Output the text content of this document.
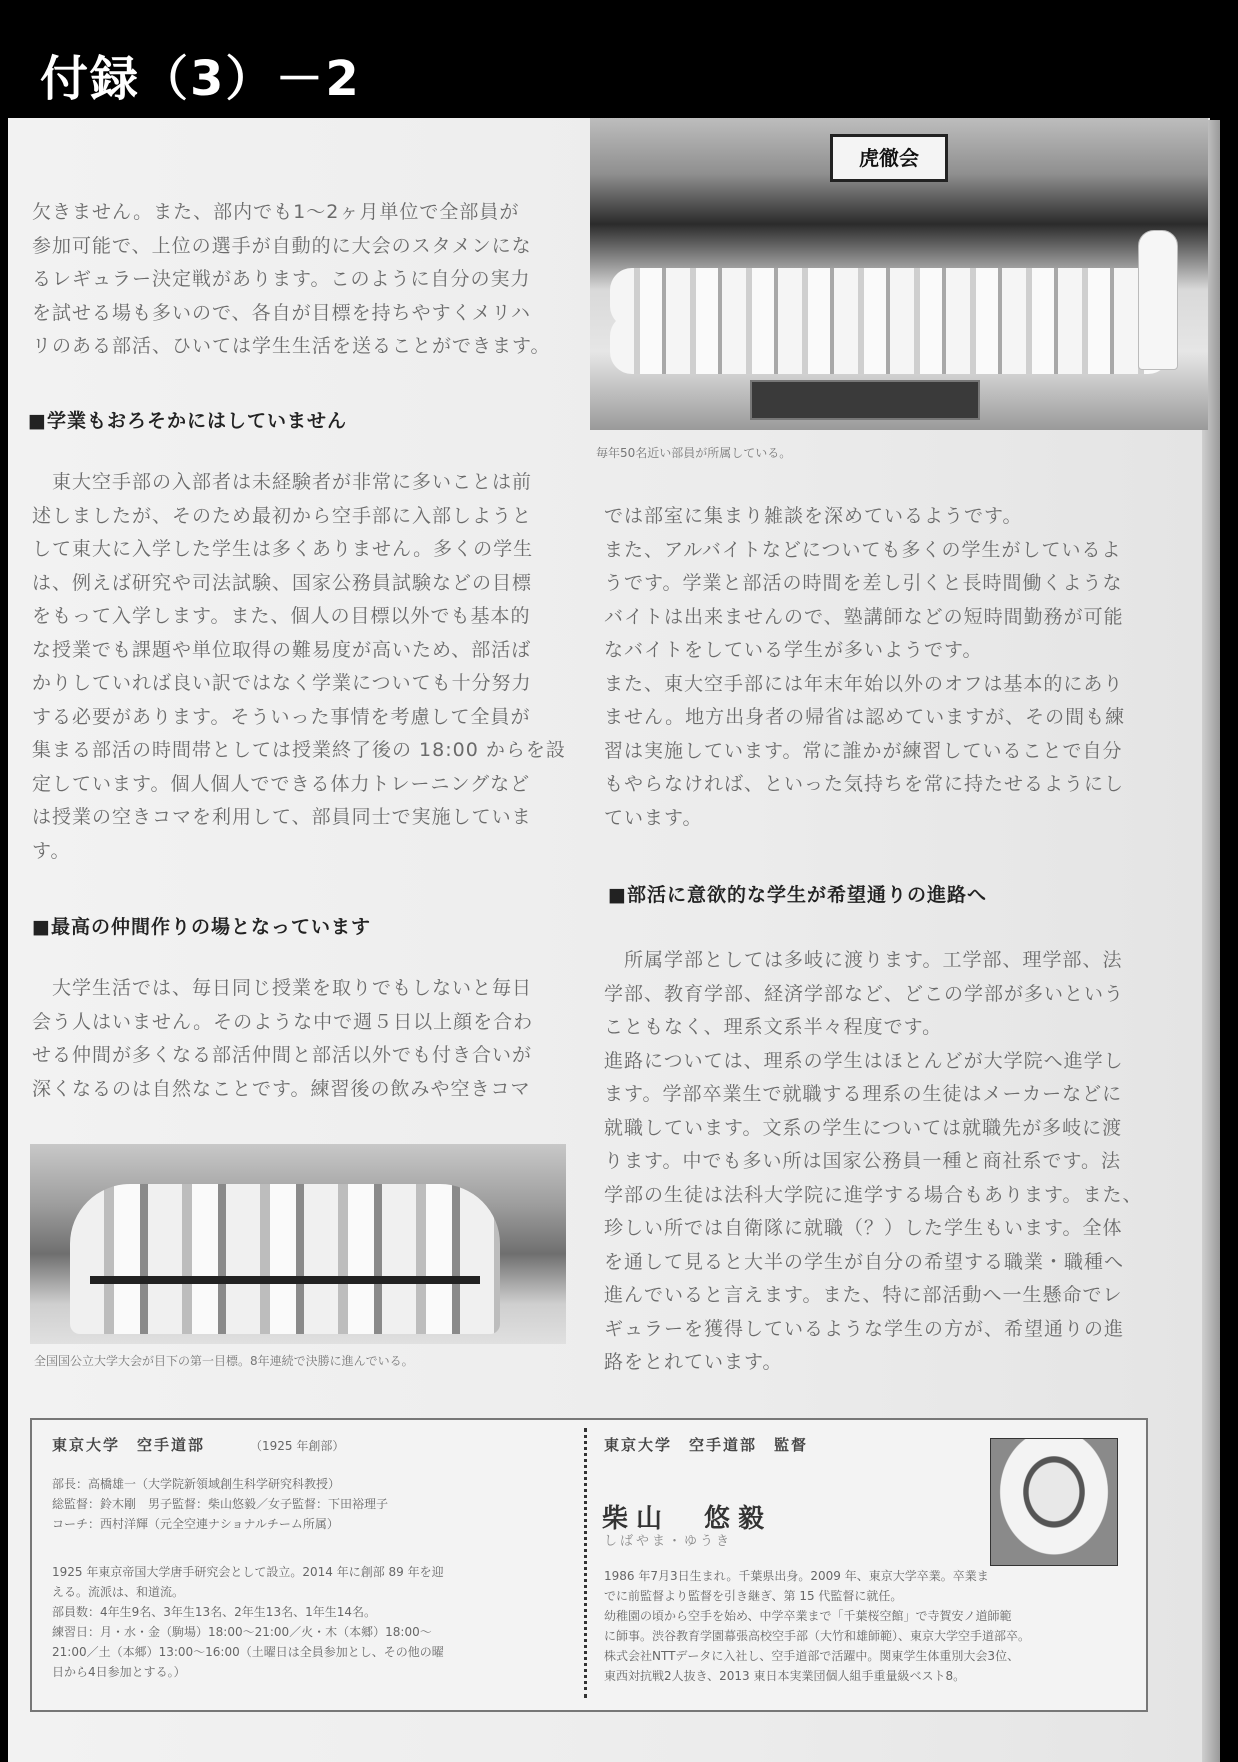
付録（3）－2
虎徹会
毎年50名近い部員が所属している。
欠きません。また、部内でも1～2ヶ月単位で全部員が
参加可能で、上位の選手が自動的に大会のスタメンにな
るレギュラー決定戦があります。このように自分の実力
を試せる場も多いので、各自が目標を持ちやすくメリハ
リのある部活、ひいては学生生活を送ることができます。
■学業もおろそかにはしていません
　東大空手部の入部者は未経験者が非常に多いことは前
述しましたが、そのため最初から空手部に入部しようと
して東大に入学した学生は多くありません。多くの学生
は、例えば研究や司法試験、国家公務員試験などの目標
をもって入学します。また、個人の目標以外でも基本的
な授業でも課題や単位取得の難易度が高いため、部活ば
かりしていれば良い訳ではなく学業についても十分努力
する必要があります。そういった事情を考慮して全員が
集まる部活の時間帯としては授業終了後の 18:00 からを設
定しています。個人個人でできる体力トレーニングなど
は授業の空きコマを利用して、部員同士で実施していま
す。
■最高の仲間作りの場となっています
　大学生活では、毎日同じ授業を取りでもしないと毎日
会う人はいません。そのような中で週５日以上顔を合わ
せる仲間が多くなる部活仲間と部活以外でも付き合いが
深くなるのは自然なことです。練習後の飲みや空きコマ
全国国公立大学大会が目下の第一目標。8年連続で決勝に進んでいる。
では部室に集まり雑談を深めているようです。
また、アルバイトなどについても多くの学生がしているよ
うです。学業と部活の時間を差し引くと長時間働くような
バイトは出来ませんので、塾講師などの短時間勤務が可能
なバイトをしている学生が多いようです。
また、東大空手部には年末年始以外のオフは基本的にあり
ません。地方出身者の帰省は認めていますが、その間も練
習は実施しています。常に誰かが練習していることで自分
もやらなければ、といった気持ちを常に持たせるようにし
ています。
■部活に意欲的な学生が希望通りの進路へ
　所属学部としては多岐に渡ります。工学部、理学部、法
学部、教育学部、経済学部など、どこの学部が多いという
こともなく、理系文系半々程度です。
進路については、理系の学生はほとんどが大学院へ進学し
ます。学部卒業生で就職する理系の生徒はメーカーなどに
就職しています。文系の学生については就職先が多岐に渡
ります。中でも多い所は国家公務員一種と商社系です。法
学部の生徒は法科大学院に進学する場合もあります。また、
珍しい所では自衛隊に就職（？）した学生もいます。全体
を通して見ると大半の学生が自分の希望する職業・職種へ
進んでいると言えます。また、特に部活動へ一生懸命でレ
ギュラーを獲得しているような学生の方が、希望通りの進
路をとれています。
東京大学　空手道部	（1925 年創部）
部長：高橋雄一（大学院新領域創生科学研究科教授）
総監督：鈴木剛　男子監督：柴山悠毅／女子監督：下田裕理子
コーチ：西村洋輝（元全空連ナショナルチーム所属）
1925 年東京帝国大学唐手研究会として設立。2014 年に創部 89 年を迎
える。流派は、和道流。
部員数：4年生9名、3年生13名、2年生13名、1年生14名。
練習日：月・水・金（駒場）18:00～21:00／火・木（本郷）18:00～
21:00／土（本郷）13:00～16:00（土曜日は全員参加とし、その他の曜
日から4日参加とする。）
東京大学　空手道部　監督
柴山　悠毅
しばやま・ゆうき
1986 年7月3日生まれ。千葉県出身。2009 年、東京大学卒業。卒業ま
でに前監督より監督を引き継ぎ、第 15 代監督に就任。
幼稚園の頃から空手を始め、中学卒業まで「千葉桜空館」で寺賀安ノ道師範
に師事。渋谷教育学園幕張高校空手部（大竹和雄師範）、東京大学空手道部卒。
株式会社NTTデータに入社し、空手道部で活躍中。関東学生体重別大会3位、
東西対抗戦2人抜き、2013 東日本実業団個人組手重量級ベスト8。
